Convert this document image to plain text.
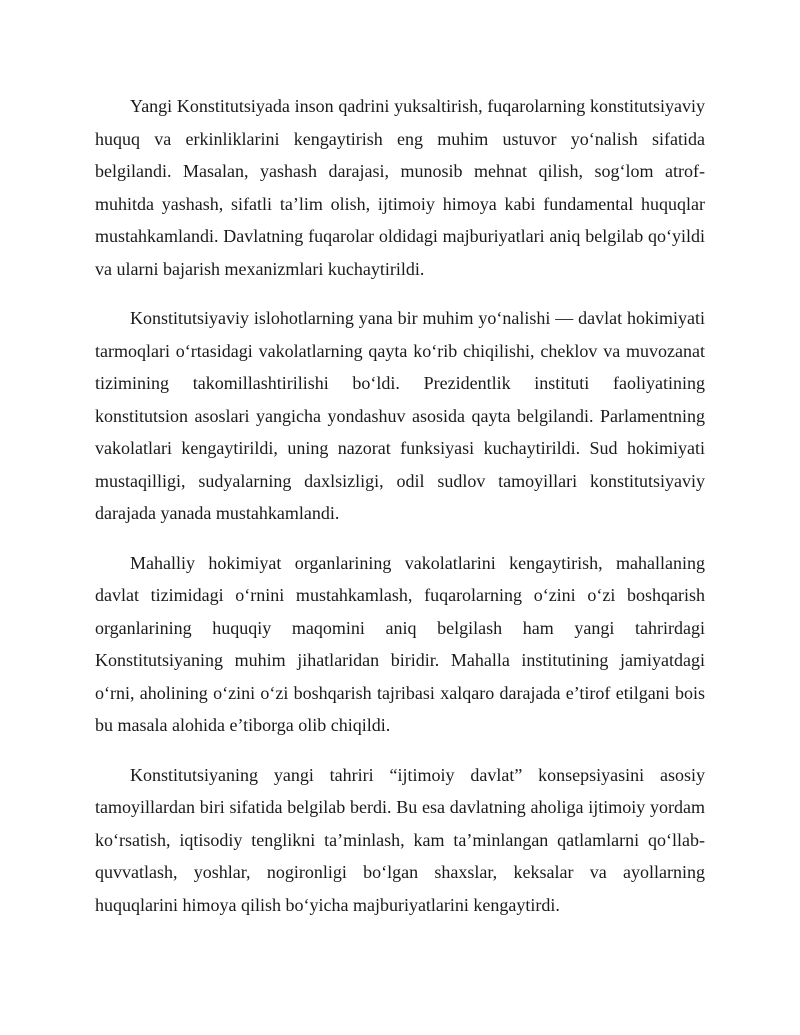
Yangi Konstitutsiyada inson qadrini yuksaltirish, fuqarolarning konstitutsiyaviy huquq va erkinliklarini kengaytirish eng muhim ustuvor yo‘nalish sifatida belgilandi. Masalan, yashash darajasi, munosib mehnat qilish, sog‘lom atrof-muhitda yashash, sifatli ta’lim olish, ijtimoiy himoya kabi fundamental huquqlar mustahkamlandi. Davlatning fuqarolar oldidagi majburiyatlari aniq belgilab qo‘yildi va ularni bajarish mexanizmlari kuchaytirildi.

Konstitutsiyaviy islohotlarning yana bir muhim yo‘nalishi — davlat hokimiyati tarmoqlari o‘rtasidagi vakolatlarning qayta ko‘rib chiqilishi, cheklov va muvozanat tizimining takomillashtirilishi bo‘ldi. Prezidentlik instituti faoliyatining konstitutsion asoslari yangicha yondashuv asosida qayta belgilandi. Parlamentning vakolatlari kengaytirildi, uning nazorat funksiyasi kuchaytirildi. Sud hokimiyati mustaqilligi, sudyalarning daxlsizligi, odil sudlov tamoyillari konstitutsiyaviy darajada yanada mustahkamlandi.

Mahalliy hokimiyat organlarining vakolatlarini kengaytirish, mahallaning davlat tizimidagi o‘rnini mustahkamlash, fuqarolarning o‘zini o‘zi boshqarish organlarining huquqiy maqomini aniq belgilash ham yangi tahrirdagi Konstitutsiyaning muhim jihatlaridan biridir. Mahalla institutining jamiyatdagi o‘rni, aholining o‘zini o‘zi boshqarish tajribasi xalqaro darajada e’tirof etilgani bois bu masala alohida e’tiborga olib chiqildi.

Konstitutsiyaning yangi tahriri “ijtimoiy davlat” konsepsiyasini asosiy tamoyillardan biri sifatida belgilab berdi. Bu esa davlatning aholiga ijtimoiy yordam ko‘rsatish, iqtisodiy tenglikni ta’minlash, kam ta’minlangan qatlamlarni qo‘llab-quvvatlash, yoshlar, nogironligi bo‘lgan shaxslar, keksalar va ayollarning huquqlarini himoya qilish bo‘yicha majburiyatlarini kengaytirdi.
